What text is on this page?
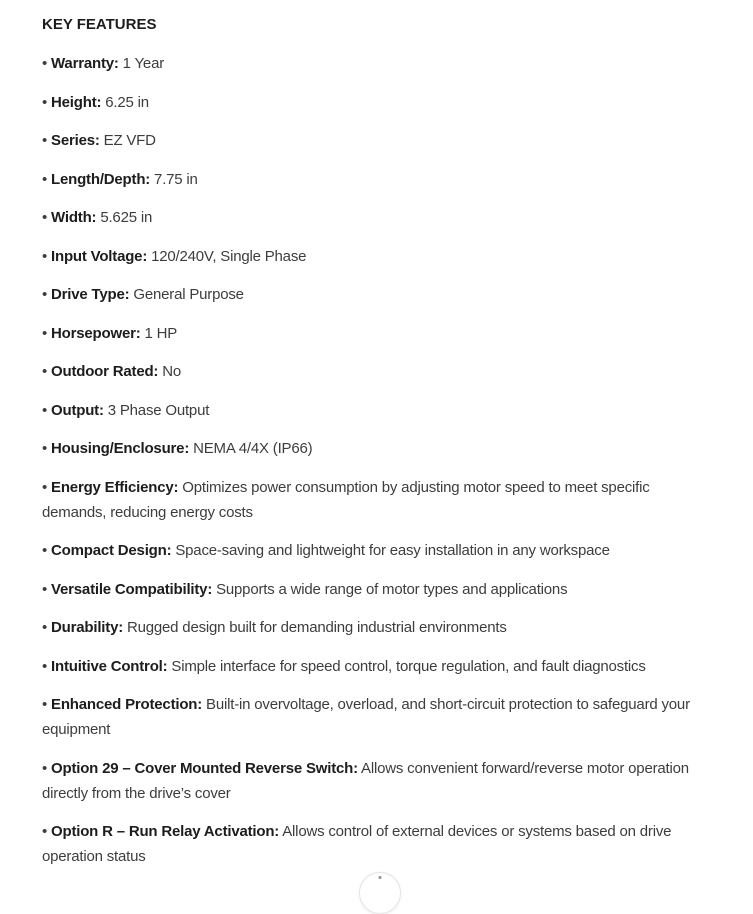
KEY FEATURES

• Warranty: 1 Year

• Height: 6.25 in

• Series: EZ VFD

• Length/Depth: 7.75 in

• Width: 5.625 in

• Input Voltage: 120/240V, Single Phase

• Drive Type: General Purpose

• Horsepower: 1 HP

• Outdoor Rated: No

• Output: 3 Phase Output

• Housing/Enclosure: NEMA 4/4X (IP66)

• Energy Efficiency: Optimizes power consumption by adjusting motor speed to meet specific demands, reducing energy costs

• Compact Design: Space-saving and lightweight for easy installation in any workspace

• Versatile Compatibility: Supports a wide range of motor types and applications

• Durability: Rugged design built for demanding industrial environments

• Intuitive Control: Simple interface for speed control, torque regulation, and fault diagnostics

• Enhanced Protection: Built-in overvoltage, overload, and short-circuit protection to safeguard your equipment

• Option 29 – Cover Mounted Reverse Switch: Allows convenient forward/reverse motor operation directly from the drive’s cover

• Option R – Run Relay Activation: Allows control of external devices or systems based on drive operation status
